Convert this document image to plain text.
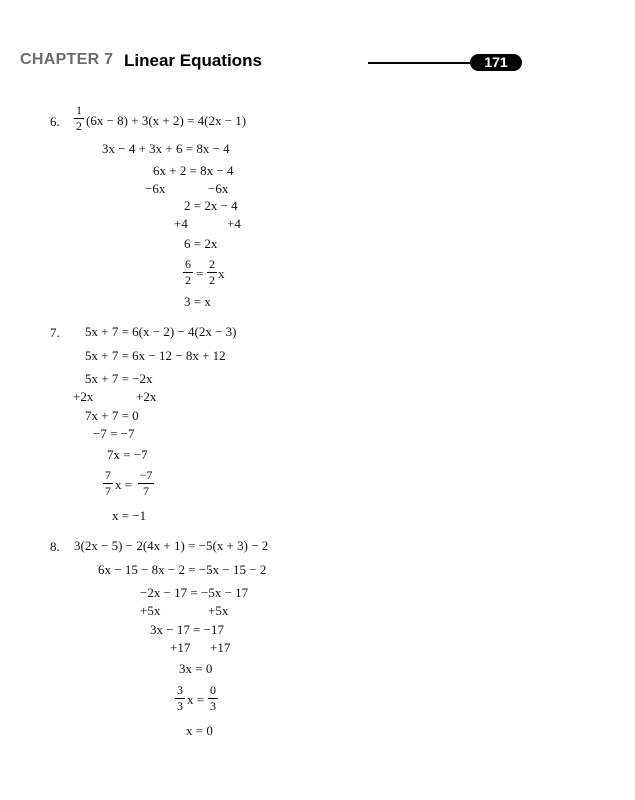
CHAPTER 7 Linear Equations	171
6.
1
2 (6x − 8) + 3(x + 2) = 4(2x − 1)
3x − 4 + 3x + 6 = 8x − 4
6x + 2 = 8x − 4
−6x	−6x
2 = 2x − 4
+4	+4
6 = 2x
6
2 =
2
2 x
3 = x
7. 5x + 7 = 6(x − 2) − 4(2x − 3)
5x + 7 = 6x − 12 − 8x + 12
5x + 7 = −2x
+2x	+2x
7x + 7 = 0
−7 = −7
7x = −7
7
7 x =
−7
7
x = −1
8. 3(2x − 5) − 2(4x + 1) = −5(x + 3) − 2
6x − 15 − 8x − 2 = −5x − 15 − 2
−2x − 17 = −5x − 17
+5x	+5x
3x − 17 = −17
+17 +17
3x = 0
3
3 x =
0
3
x = 0
